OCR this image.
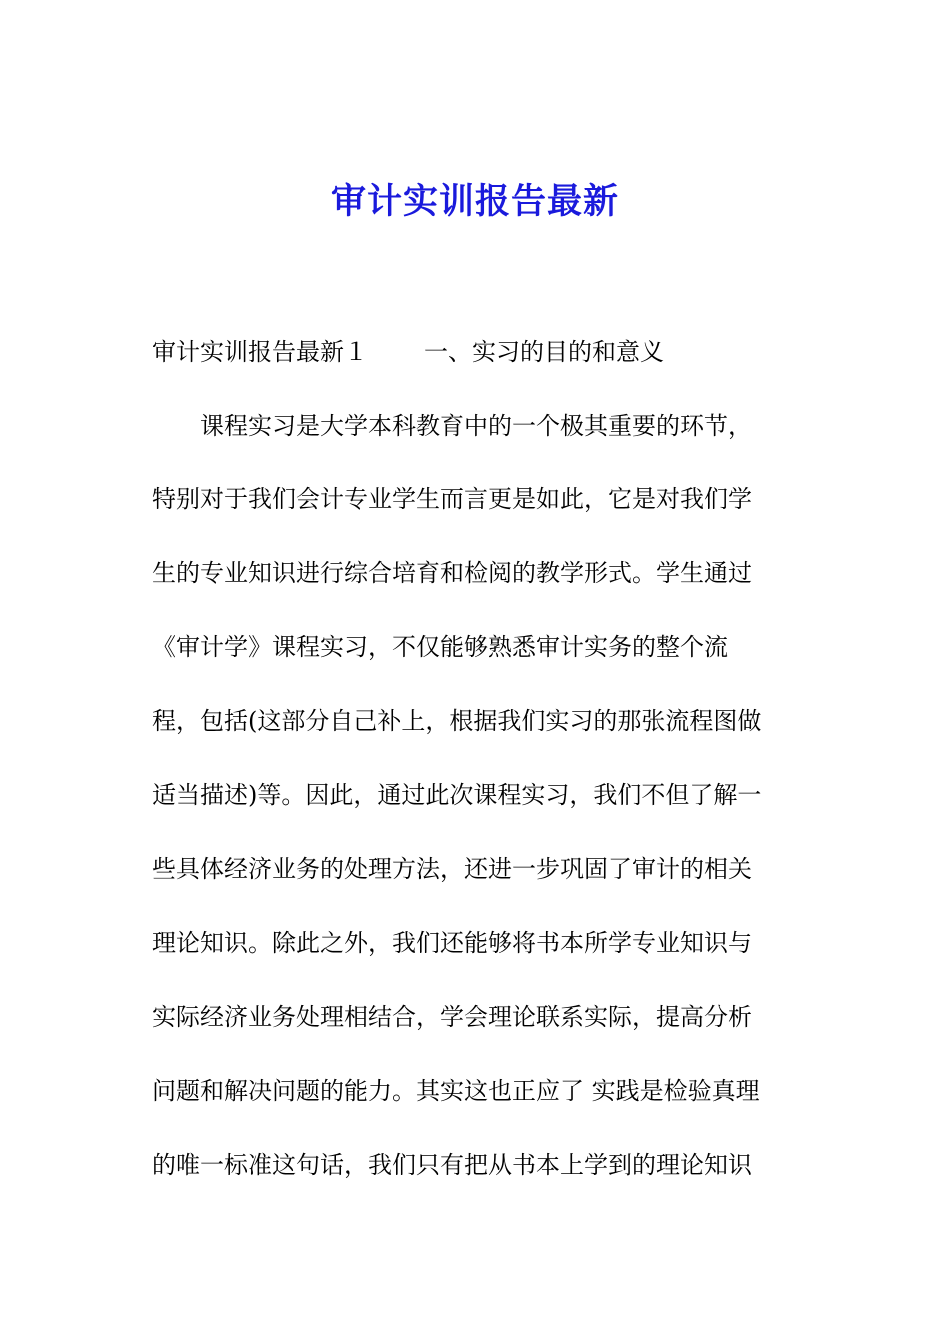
审计实训报告最新
审计实训报告最新１ 一、实习的目的和意义
课程实习是大学本科教育中的一个极其重要的环节，
特别对于我们会计专业学生而言更是如此，它是对我们学
生的专业知识进行综合培育和检阅的教学形式。学生通过
《审计学》课程实习，不仅能够熟悉审计实务的整个流
程，包括(这部分自己补上，根据我们实习的那张流程图做
适当描述)等。因此，通过此次课程实习，我们不但了解一
些具体经济业务的处理方法，还进一步巩固了审计的相关
理论知识。除此之外，我们还能够将书本所学专业知识与
实际经济业务处理相结合，学会理论联系实际，提高分析
问题和解决问题的能力。其实这也正应了 实践是检验真理
的唯一标准这句话，我们只有把从书本上学到的理论知识
